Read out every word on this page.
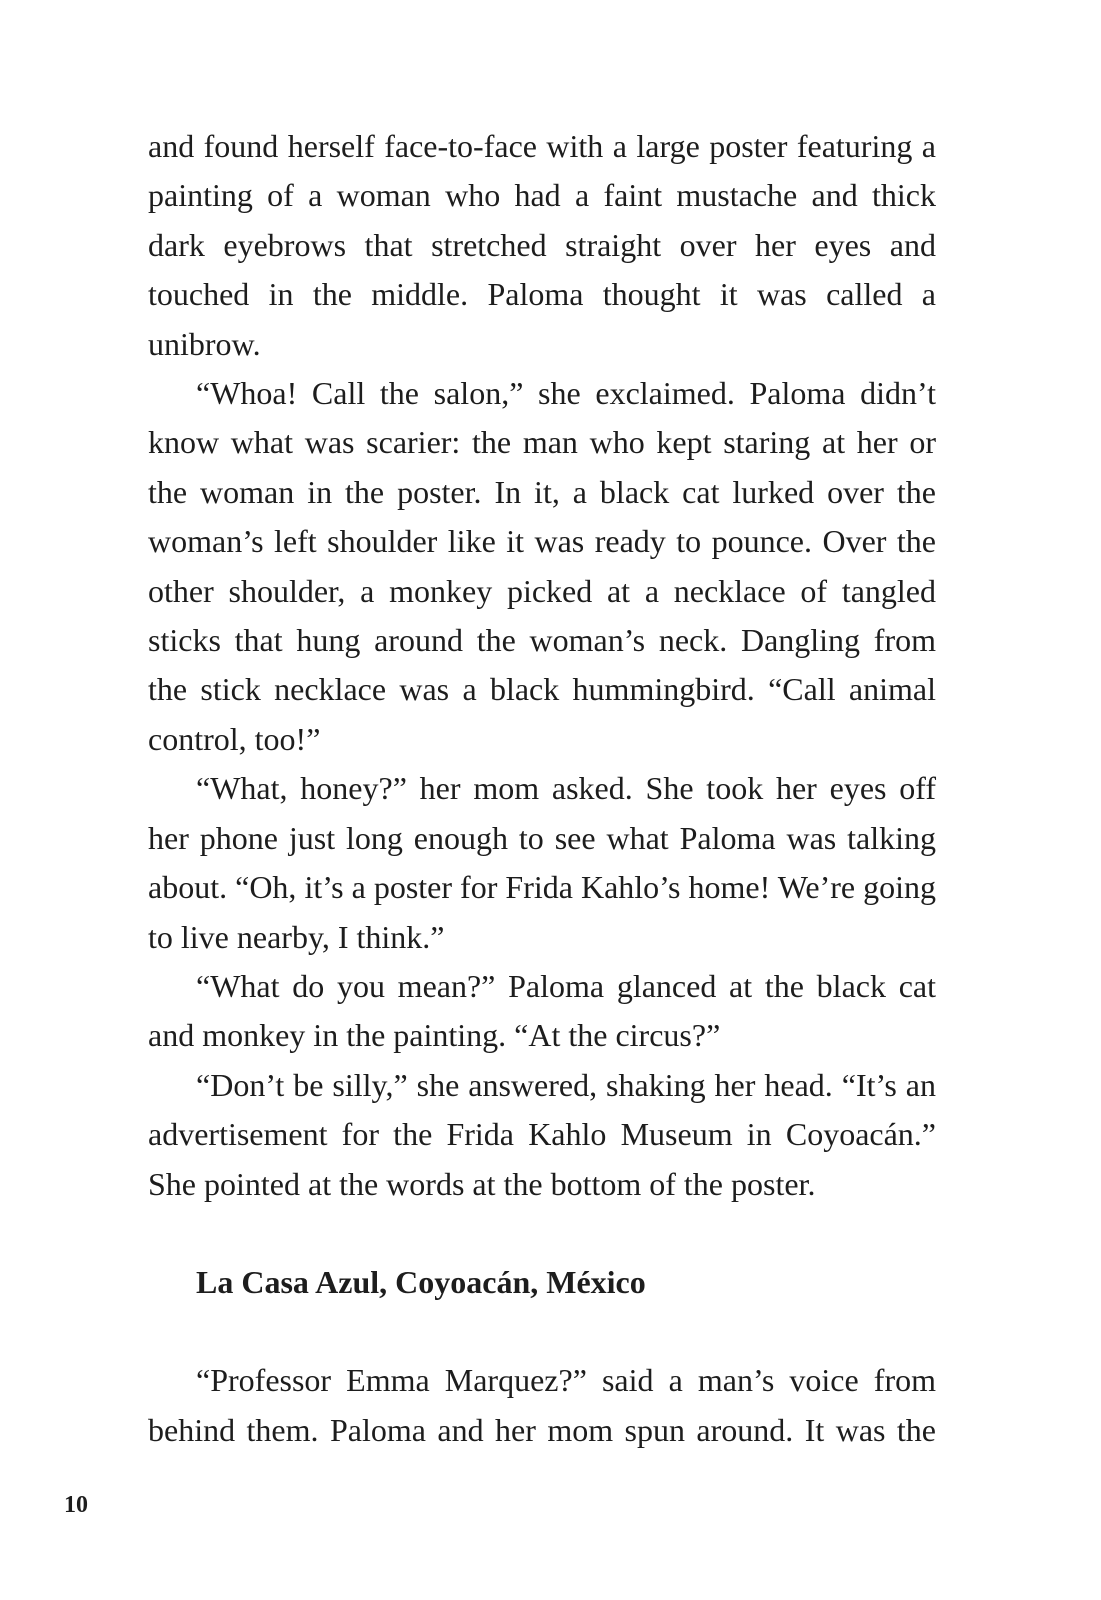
and found herself face-to-face with a large poster featuring a painting of a woman who had a faint mustache and thick dark eyebrows that stretched straight over her eyes and touched in the middle. Paloma thought it was called a unibrow.

“Whoa! Call the salon,” she exclaimed. Paloma didn’t know what was scarier: the man who kept staring at her or the woman in the poster. In it, a black cat lurked over the woman’s left shoulder like it was ready to pounce. Over the other shoulder, a monkey picked at a necklace of tangled sticks that hung around the woman’s neck. Dangling from the stick necklace was a black hummingbird. “Call animal control, too!”

“What, honey?” her mom asked. She took her eyes off her phone just long enough to see what Paloma was talking about. “Oh, it’s a poster for Frida Kahlo’s home! We’re going to live nearby, I think.”

“What do you mean?” Paloma glanced at the black cat and monkey in the painting. “At the circus?”

“Don’t be silly,” she answered, shaking her head. “It’s an advertisement for the Frida Kahlo Museum in Coyoacán.” She pointed at the words at the bottom of the poster.

La Casa Azul, Coyoacán, México

“Professor Emma Marquez?” said a man’s voice from behind them. Paloma and her mom spun around. It was the

10
